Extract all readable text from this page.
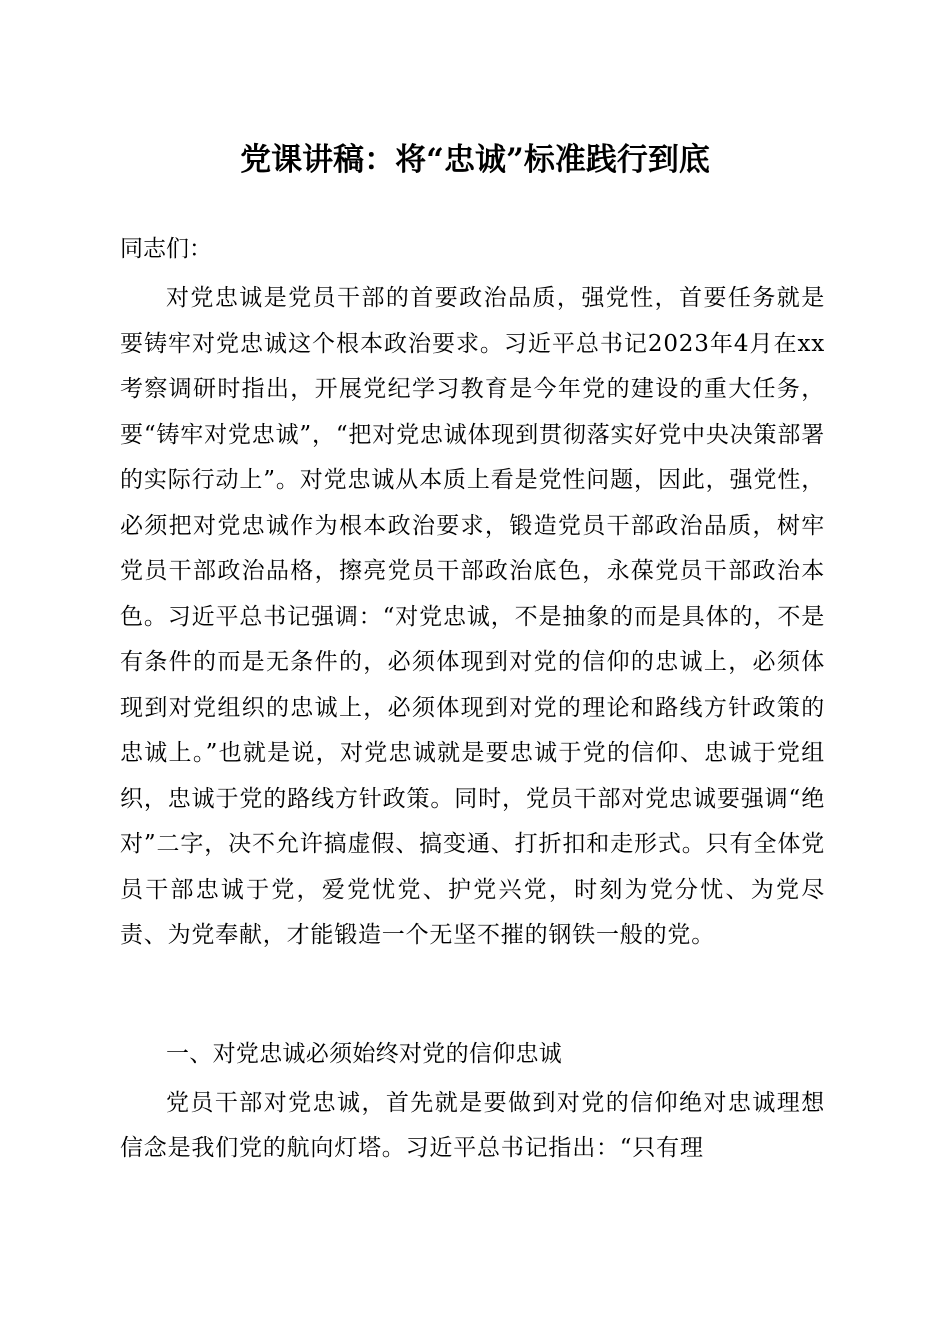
党课讲稿：将“忠诚”标准践行到底

同志们：

对党忠诚是党员干部的首要政治品质，强党性，首要任务就是要铸牢对党忠诚这个根本政治要求。习近平总书记2023年4月在xx考察调研时指出，开展党纪学习教育是今年党的建设的重大任务，要“铸牢对党忠诚”，“把对党忠诚体现到贯彻落实好党中央决策部署的实际行动上”。对党忠诚从本质上看是党性问题，因此，强党性，必须把对党忠诚作为根本政治要求，锻造党员干部政治品质，树牢党员干部政治品格，擦亮党员干部政治底色，永葆党员干部政治本色。习近平总书记强调：“对党忠诚，不是抽象的而是具体的，不是有条件的而是无条件的，必须体现到对党的信仰的忠诚上，必须体现到对党组织的忠诚上，必须体现到对党的理论和路线方针政策的忠诚上。”也就是说，对党忠诚就是要忠诚于党的信仰、忠诚于党组织，忠诚于党的路线方针政策。同时，党员干部对党忠诚要强调“绝对”二字，决不允许搞虚假、搞变通、打折扣和走形式。只有全体党员干部忠诚于党，爱党忧党、护党兴党，时刻为党分忧、为党尽责、为党奉献，才能锻造一个无坚不摧的钢铁一般的党。

一、对党忠诚必须始终对党的信仰忠诚

党员干部对党忠诚，首先就是要做到对党的信仰绝对忠诚理想信念是我们党的航向灯塔。习近平总书记指出：“只有理
